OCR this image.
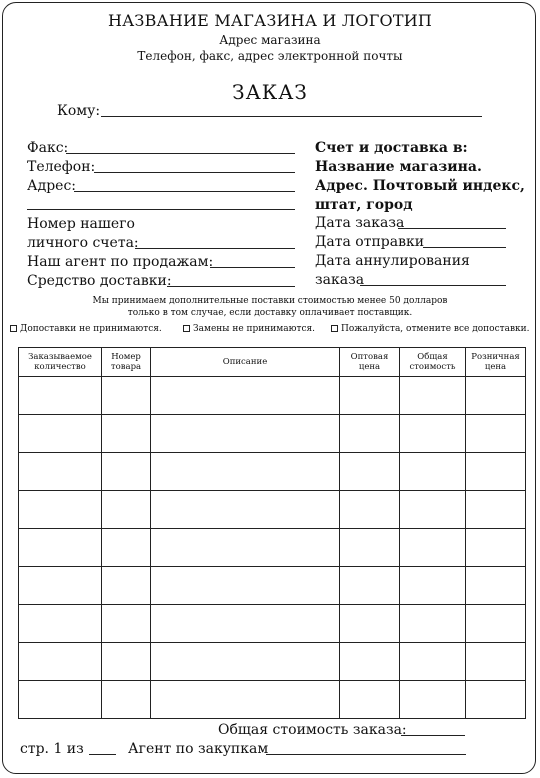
НАЗВАНИЕ МАГАЗИНА И ЛОГОТИП
Адрес магазина
Телефон, факс, адрес электронной почты
ЗАКАЗ
Кому:
Факс:
Телефон:
Адрес:
Номер нашего
личного счета:
Наш агент по продажам:
Средство доставки:
Счет и доставка в:
Название магазина.
Адрес. Почтовый индекс,
штат, город
Дата заказа
Дата отправки
Дата аннулирования
заказа
Мы принимаем дополнительные поставки стоимостью менее 50 долларов
только в том случае, если доставку оплачивает поставщик.
Допоставки не принимаются.	Замены не принимаются.	Пожалуйста, отмените все допоставки.
Заказываемое количество	Номер товара	Описание	Оптовая цена	Общая стоимость	Розничная цена

Общая стоимость заказа:
стр. 1 из	Агент по закупкам
